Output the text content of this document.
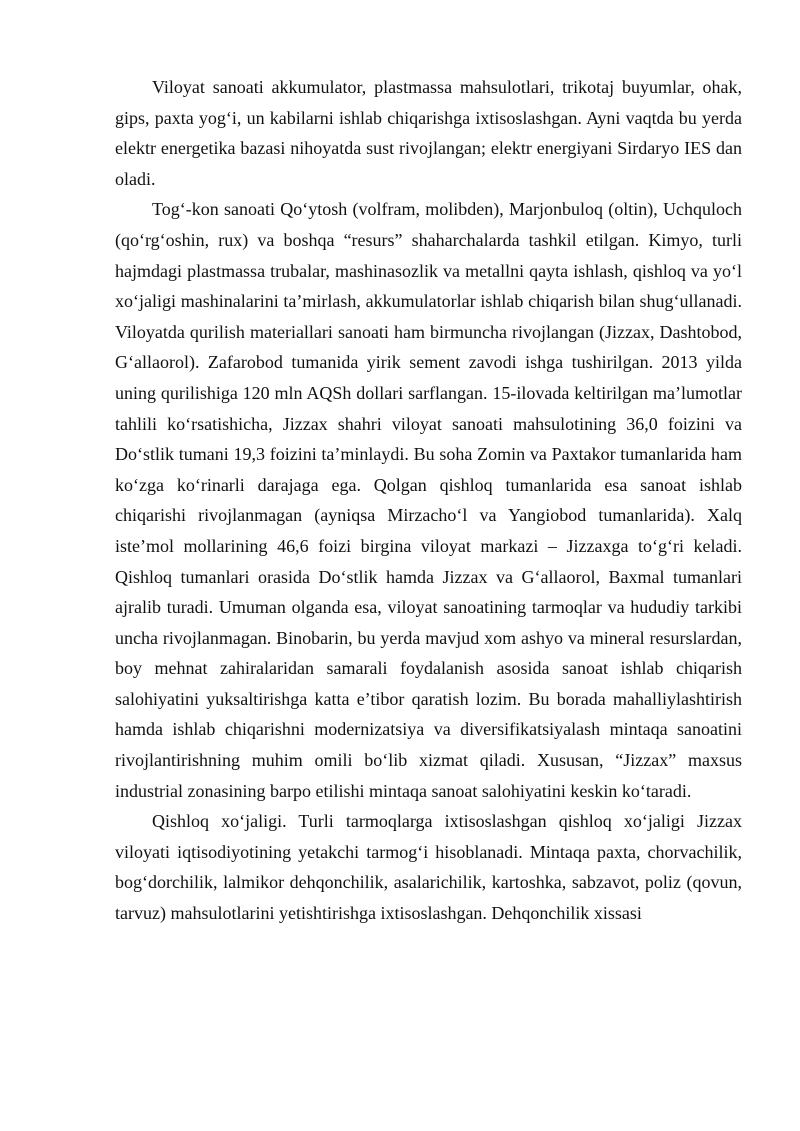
Viloyat sanoati akkumulator, plastmassa mahsulotlari, trikotaj buyumlar, ohak, gips, paxta yog‘i, un kabilarni ishlab chiqarishga ixtisoslashgan. Ayni vaqtda bu yerda elektr energetika bazasi nihoyatda sust rivojlangan; elektr energiyani Sirdaryo IES dan oladi.

Tog‘-kon sanoati Qo‘ytosh (volfram, molibden), Marjonbuloq (oltin), Uchquloch (qo‘rg‘oshin, rux) va boshqa “resurs” shaharchalarda tashkil etilgan. Kimyo, turli hajmdagi plastmassa trubalar, mashinasozlik va metallni qayta ishlash, qishloq va yo‘l xo‘jaligi mashinalarini ta’mirlash, akkumulatorlar ishlab chiqarish bilan shug‘ullanadi. Viloyatda qurilish materiallari sanoati ham birmuncha rivojlangan (Jizzax, Dashtobod, G‘allaorol). Zafarobod tumanida yirik sement zavodi ishga tushirilgan. 2013 yilda uning qurilishiga 120 mln AQSh dollari sarflangan. 15-ilovada keltirilgan ma’lumotlar tahlili ko‘rsatishicha, Jizzax shahri viloyat sanoati mahsulotining 36,0 foizini va Do‘stlik tumani 19,3 foizini ta’minlaydi. Bu soha Zomin va Paxtakor tumanlarida ham ko‘zga ko‘rinarli darajaga ega. Qolgan qishloq tumanlarida esa sanoat ishlab chiqarishi rivojlanmagan (ayniqsa Mirzacho‘l va Yangiobod tumanlarida). Xalq iste’mol mollarining 46,6 foizi birgina viloyat markazi – Jizzaxga to‘g‘ri keladi. Qishloq tumanlari orasida Do‘stlik hamda Jizzax va G‘allaorol, Baxmal tumanlari ajralib turadi. Umuman olganda esa, viloyat sanoatining tarmoqlar va hududiy tarkibi uncha rivojlanmagan. Binobarin, bu yerda mavjud xom ashyo va mineral resurslardan, boy mehnat zahiralaridan samarali foydalanish asosida sanoat ishlab chiqarish salohiyatini yuksaltirishga katta e’tibor qaratish lozim. Bu borada mahalliylashtirish hamda ishlab chiqarishni modernizatsiya va diversifikatsiyalash mintaqa sanoatini rivojlantirishning muhim omili bo‘lib xizmat qiladi. Xususan, “Jizzax” maxsus industrial zonasining barpo etilishi mintaqa sanoat salohiyatini keskin ko‘taradi.

Qishloq xo‘jaligi. Turli tarmoqlarga ixtisoslashgan qishloq xo‘jaligi Jizzax viloyati iqtisodiyotining yetakchi tarmog‘i hisoblanadi. Mintaqa paxta, chorvachilik, bog‘dorchilik, lalmikor dehqonchilik, asalarichilik, kartoshka, sabzavot, poliz (qovun, tarvuz) mahsulotlarini yetishtirishga ixtisoslashgan. Dehqonchilik xissasi
